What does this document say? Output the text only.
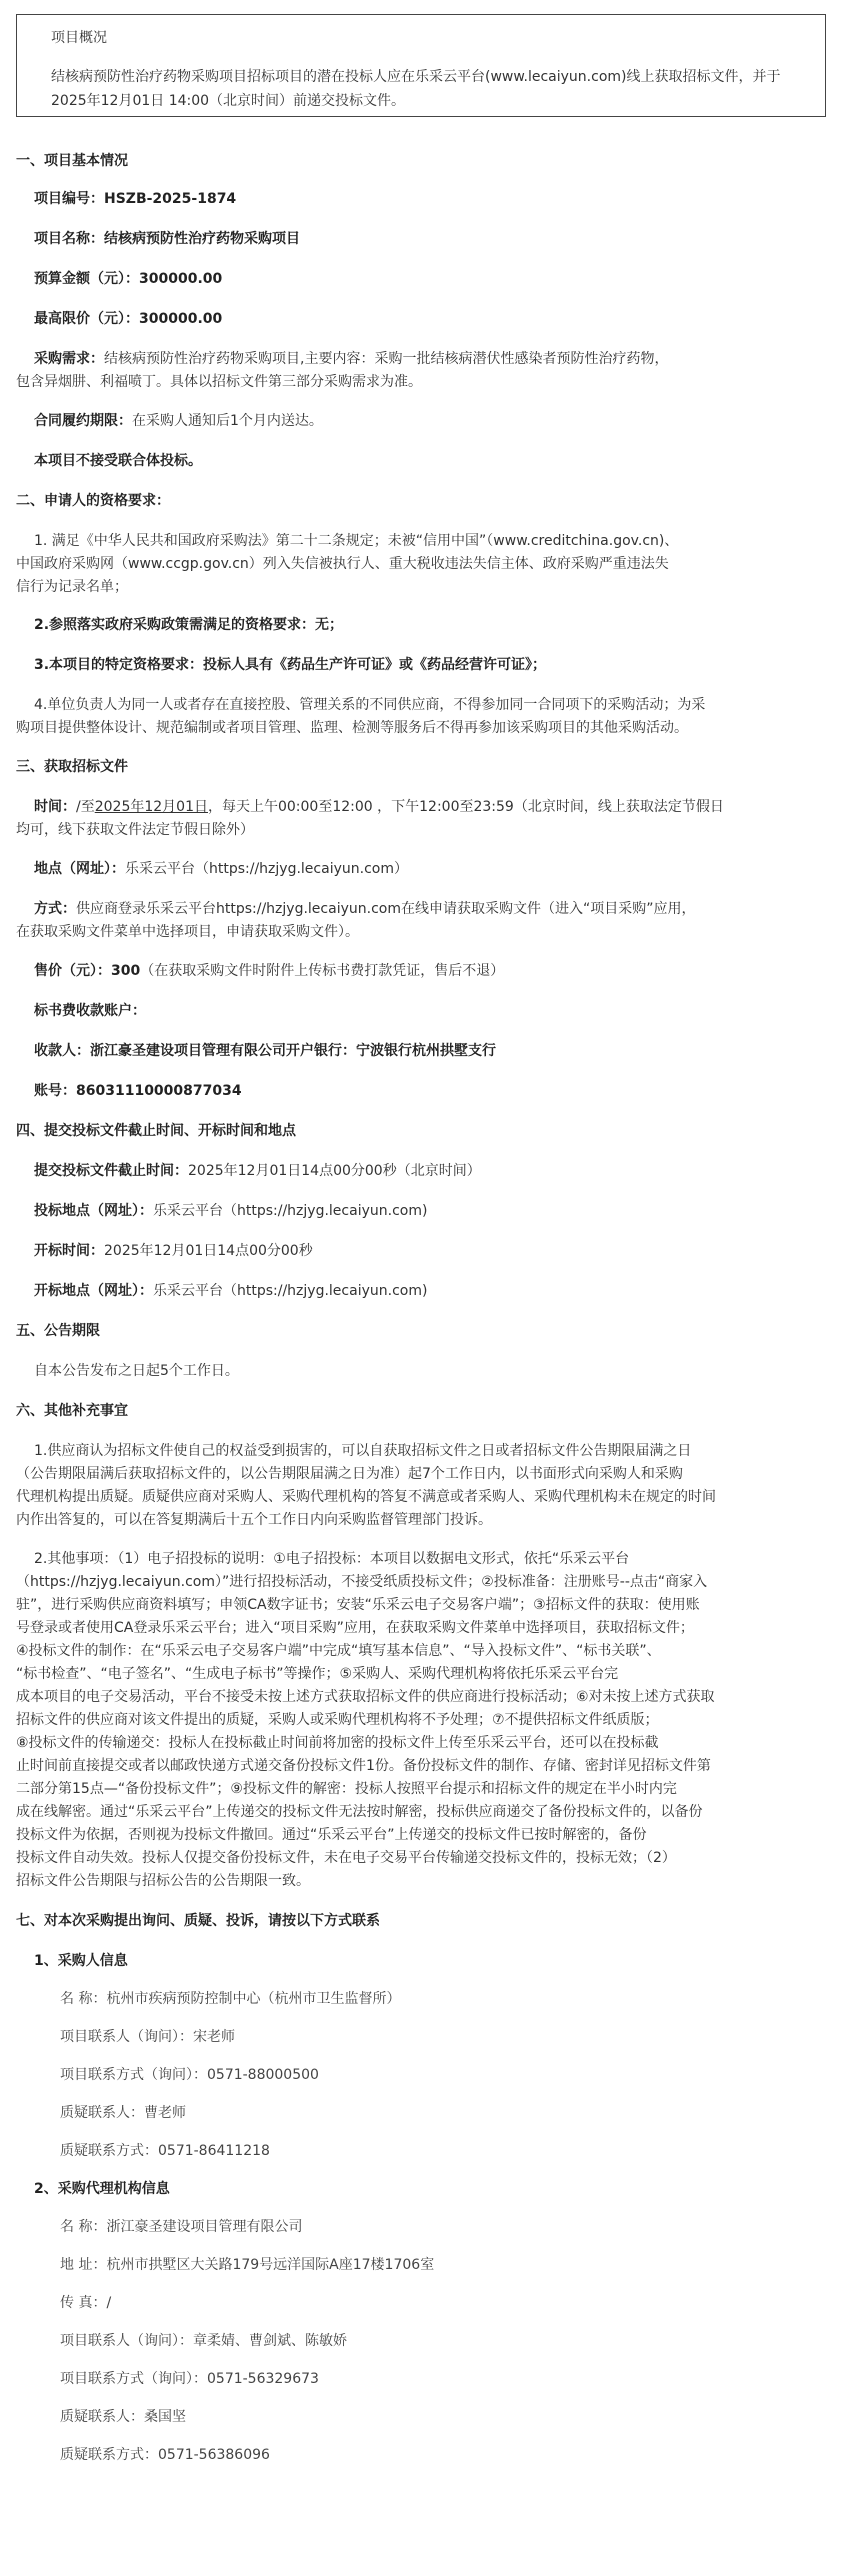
项目概况
结核病预防性治疗药物采购项目招标项目的潜在投标人应在乐采云平台(www.lecaiyun.com)线上获取招标文件，并于2025年12月01日 14:00（北京时间）前递交投标文件。
一、项目基本情况
项目编号：HSZB-2025-1874
项目名称：结核病预防性治疗药物采购项目
预算金额（元）：300000.00
最高限价（元）：300000.00
采购需求：结核病预防性治疗药物采购项目,主要内容：采购一批结核病潜伏性感染者预防性治疗药物，
包含异烟肼、利福喷丁。具体以招标文件第三部分采购需求为准。
合同履约期限：在采购人通知后1个月内送达。
本项目不接受联合体投标。
二、申请人的资格要求：
1. 满足《中华人民共和国政府采购法》第二十二条规定；未被“信用中国”（www.creditchina.gov.cn)、
中国政府采购网（www.ccgp.gov.cn）列入失信被执行人、重大税收违法失信主体、政府采购严重违法失
信行为记录名单；
2.参照落实政府采购政策需满足的资格要求：无；
3.本项目的特定资格要求：投标人具有《药品生产许可证》或《药品经营许可证》；
4.单位负责人为同一人或者存在直接控股、管理关系的不同供应商，不得参加同一合同项下的采购活动；为采
购项目提供整体设计、规范编制或者项目管理、监理、检测等服务后不得再参加该采购项目的其他采购活动。
三、获取招标文件
时间：/至2025年12月01日，每天上午00:00至12:00 ，下午12:00至23:59（北京时间，线上获取法定节假日
均可，线下获取文件法定节假日除外）
地点（网址）：乐采云平台（https://hzjyg.lecaiyun.com）
方式：供应商登录乐采云平台https://hzjyg.lecaiyun.com在线申请获取采购文件（进入“项目采购”应用，
在获取采购文件菜单中选择项目，申请获取采购文件）。
售价（元）：300（在获取采购文件时附件上传标书费打款凭证，售后不退）
标书费收款账户：
收款人：浙江豪圣建设项目管理有限公司开户银行：宁波银行杭州拱墅支行
账号：86031110000877034
四、提交投标文件截止时间、开标时间和地点
提交投标文件截止时间：2025年12月01日14点00分00秒（北京时间）
投标地点（网址）：乐采云平台（https://hzjyg.lecaiyun.com)
开标时间：2025年12月01日14点00分00秒
开标地点（网址）：乐采云平台（https://hzjyg.lecaiyun.com)
五、公告期限
自本公告发布之日起5个工作日。
六、其他补充事宜
1.供应商认为招标文件使自己的权益受到损害的，可以自获取招标文件之日或者招标文件公告期限届满之日
（公告期限届满后获取招标文件的，以公告期限届满之日为准）起7个工作日内，以书面形式向采购人和采购
代理机构提出质疑。质疑供应商对采购人、采购代理机构的答复不满意或者采购人、采购代理机构未在规定的时间
内作出答复的，可以在答复期满后十五个工作日内向采购监督管理部门投诉。
2.其他事项：（1）电子招投标的说明：①电子招投标：本项目以数据电文形式，依托“乐采云平台
（https://hzjyg.lecaiyun.com）”进行招投标活动，不接受纸质投标文件；②投标准备：注册账号--点击“商家入
驻”，进行采购供应商资料填写；申领CA数字证书；安装“乐采云电子交易客户端”；③招标文件的获取：使用账
号登录或者使用CA登录乐采云平台；进入“项目采购”应用，在获取采购文件菜单中选择项目，获取招标文件；
④投标文件的制作：在“乐采云电子交易客户端”中完成“填写基本信息”、“导入投标文件”、“标书关联”、
“标书检查”、“电子签名”、“生成电子标书”等操作；⑤采购人、采购代理机构将依托乐采云平台完
成本项目的电子交易活动，平台不接受未按上述方式获取招标文件的供应商进行投标活动；⑥对未按上述方式获取
招标文件的供应商对该文件提出的质疑，采购人或采购代理机构将不予处理；⑦不提供招标文件纸质版；
⑧投标文件的传输递交：投标人在投标截止时间前将加密的投标文件上传至乐采云平台，还可以在投标截
止时间前直接提交或者以邮政快递方式递交备份投标文件1份。备份投标文件的制作、存储、密封详见招标文件第
二部分第15点—“备份投标文件”；⑨投标文件的解密：投标人按照平台提示和招标文件的规定在半小时内完
成在线解密。通过“乐采云平台”上传递交的投标文件无法按时解密，投标供应商递交了备份投标文件的，以备份
投标文件为依据，否则视为投标文件撤回。通过“乐采云平台”上传递交的投标文件已按时解密的，备份
投标文件自动失效。投标人仅提交备份投标文件，未在电子交易平台传输递交投标文件的，投标无效；（2）
招标文件公告期限与招标公告的公告期限一致。
七、对本次采购提出询问、质疑、投诉，请按以下方式联系
1、采购人信息
名 称：杭州市疾病预防控制中心（杭州市卫生监督所）
项目联系人（询问）：宋老师
项目联系方式（询问）：0571-88000500
质疑联系人：曹老师
质疑联系方式：0571-86411218
2、采购代理机构信息
名 称：浙江豪圣建设项目管理有限公司
地 址：杭州市拱墅区大关路179号远洋国际A座17楼1706室
传 真：/
项目联系人（询问）：章柔婧、曹剑斌、陈敏娇
项目联系方式（询问）：0571-56329673
质疑联系人：桑国坚
质疑联系方式：0571-56386096
